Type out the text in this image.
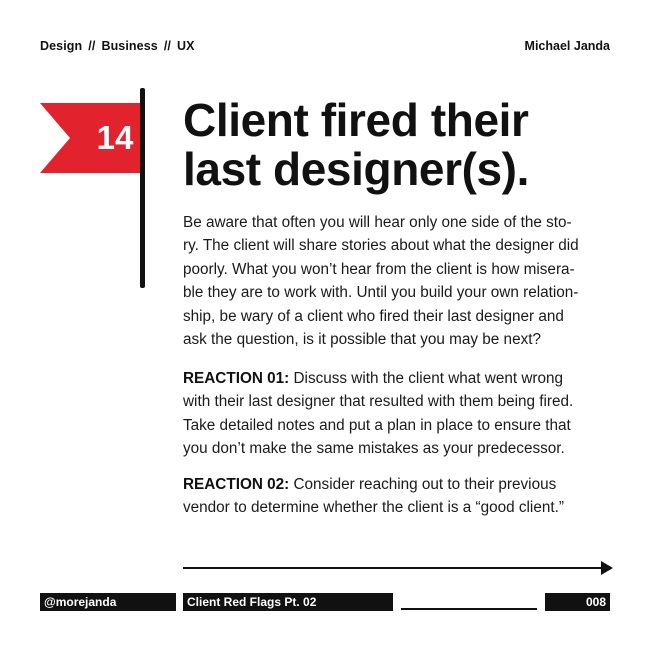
Design // Business // UX	Michael Janda
14	Client fired their
last designer(s).

Be aware that often you will hear only one side of the sto-
ry. The client will share stories about what the designer did
poorly. What you won’t hear from the client is how misera-
ble they are to work with. Until you build your own relation-
ship, be wary of a client who fired their last designer and
ask the question, is it possible that you may be next?

REACTION 01: Discuss with the client what went wrong
with their last designer that resulted with them being fired.
Take detailed notes and put a plan in place to ensure that
you don’t make the same mistakes as your predecessor.

REACTION 02: Consider reaching out to their previous
vendor to determine whether the client is a “good client.”

@morejanda	Client Red Flags Pt. 02	008
